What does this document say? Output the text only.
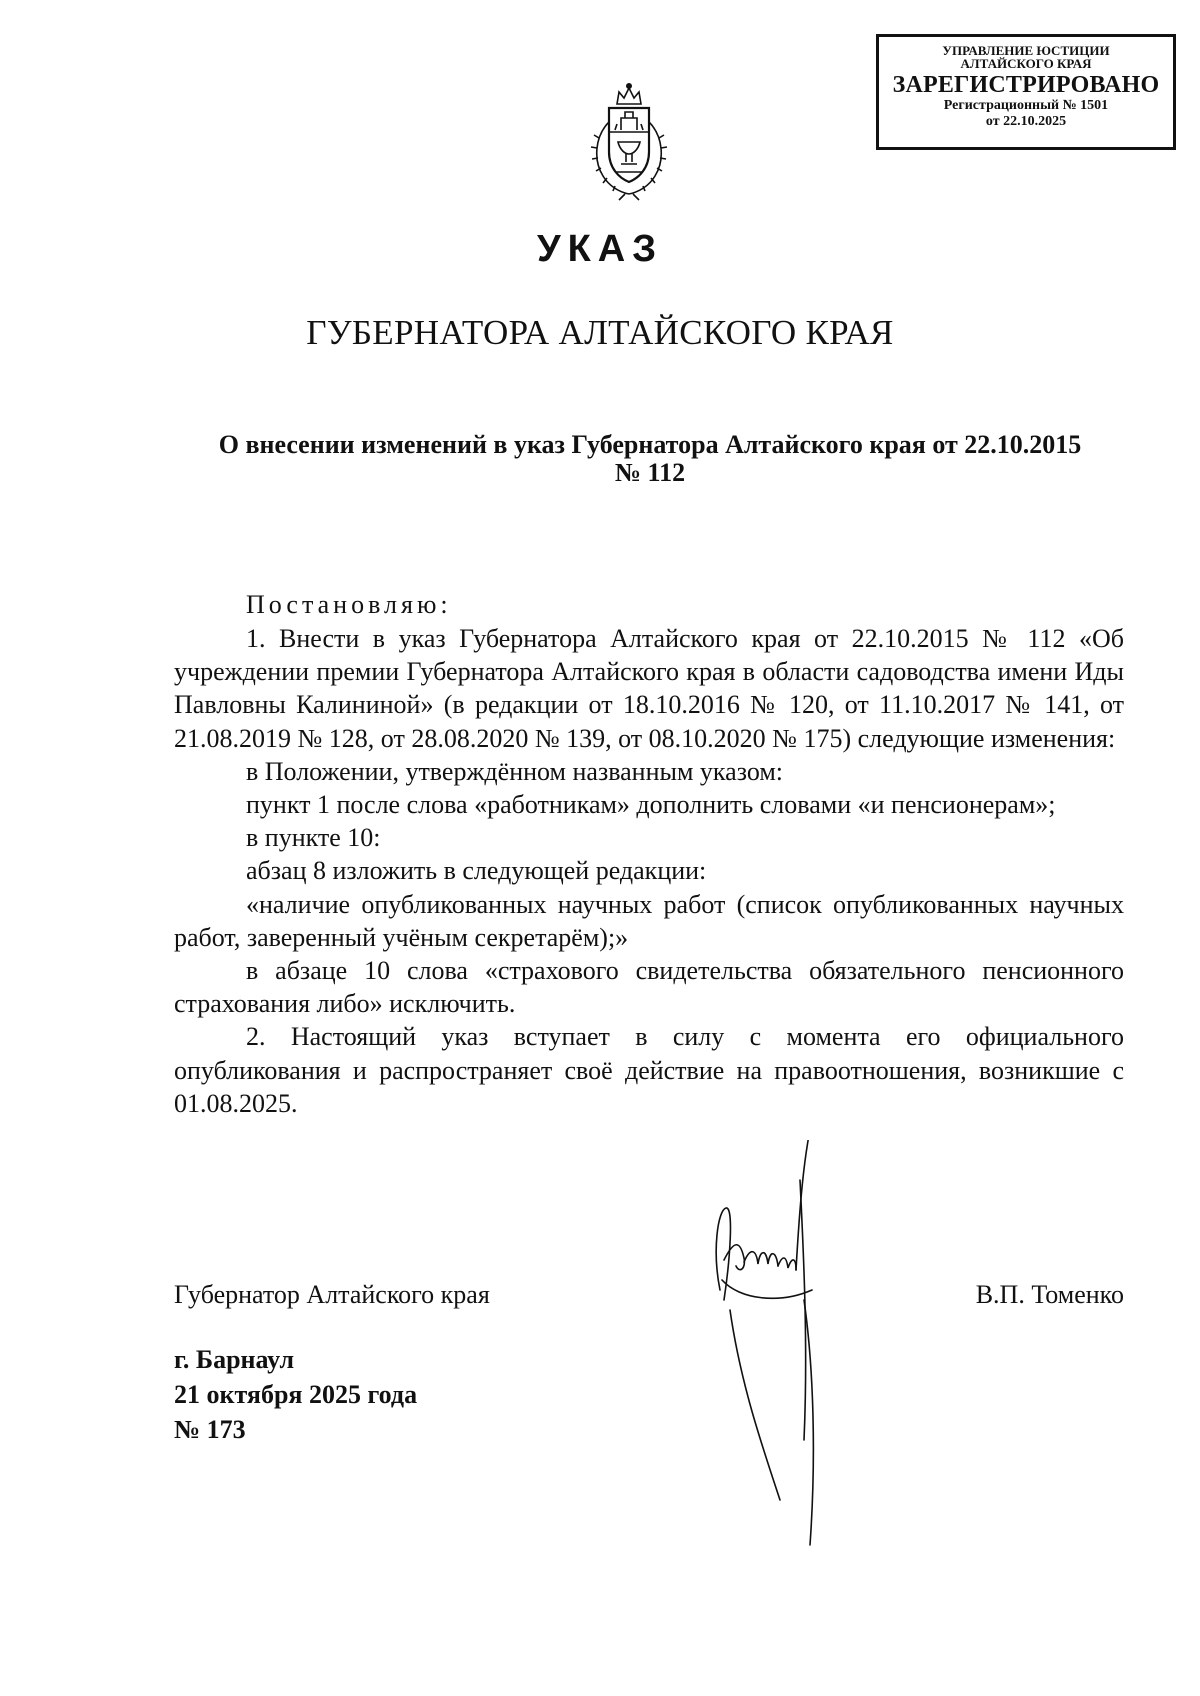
УПРАВЛЕНИЕ ЮСТИЦИИ
АЛТАЙСКОГО КРАЯ
ЗАРЕГИСТРИРОВАНО
Регистрационный № 1501
от 22.10.2025
УКАЗ
ГУБЕРНАТОРА АЛТАЙСКОГО КРАЯ
О внесении изменений в указ Губернатора Алтайского края от 22.10.2015
№ 112
Постановляю:

1. Внести в указ Губернатора Алтайского края от 22.10.2015 № 112 «Об учреждении премии Губернатора Алтайского края в области садоводства имени Иды Павловны Калининой» (в редакции от 18.10.2016 № 120, от 11.10.2017 № 141, от 21.08.2019 № 128, от 28.08.2020 № 139, от 08.10.2020 № 175) следующие изменения:

в Положении, утверждённом названным указом:

пункт 1 после слова «работникам» дополнить словами «и пенсионерам»;

в пункте 10:

абзац 8 изложить в следующей редакции:

«наличие опубликованных научных работ (список опубликованных научных работ, заверенный учёным секретарём);»

в абзаце 10 слова «страхового свидетельства обязательного пенсионного страхования либо» исключить.

2. Настоящий указ вступает в силу с момента его официального опубликования и распространяет своё действие на правоотношения, возникшие с 01.08.2025.

Губернатор Алтайского края	В.П. Томенко
г. Барнаул
21 октября 2025 года
№ 173
